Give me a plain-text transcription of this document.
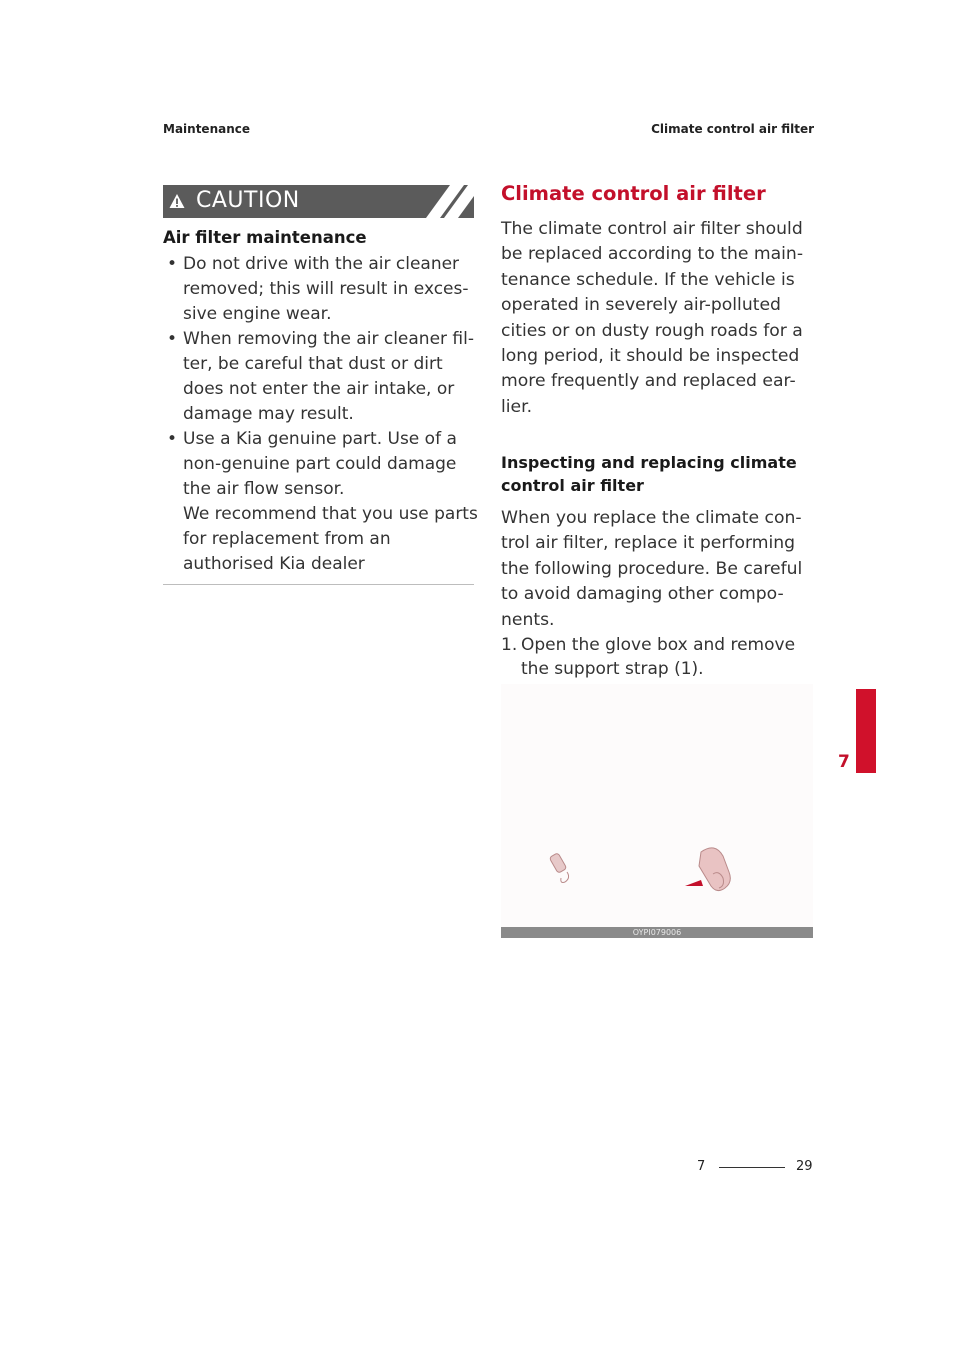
Maintenance	Climate control air filter
CAUTION
Air filter maintenance
• Do not drive with the air cleaner removed; this will result in exces-sive engine wear.
• When removing the air cleaner fil-ter, be careful that dust or dirt does not enter the air intake, or damage may result.
• Use a Kia genuine part. Use of a non-genuine part could damage the air flow sensor.
We recommend that you use parts for replacement from an authorised Kia dealer
Climate control air filter

The climate control air filter should be replaced according to the main-tenance schedule. If the vehicle is operated in severely air-polluted cities or on dusty rough roads for a long period, it should be inspected more frequently and replaced ear-lier.

Inspecting and replacing climate control air filter

When you replace the climate con-trol air filter, replace it performing the following procedure. Be careful to avoid damaging other compo-nents.

1. Open the glove box and remove the support strap (1).
OYPI079006
7
7	29
